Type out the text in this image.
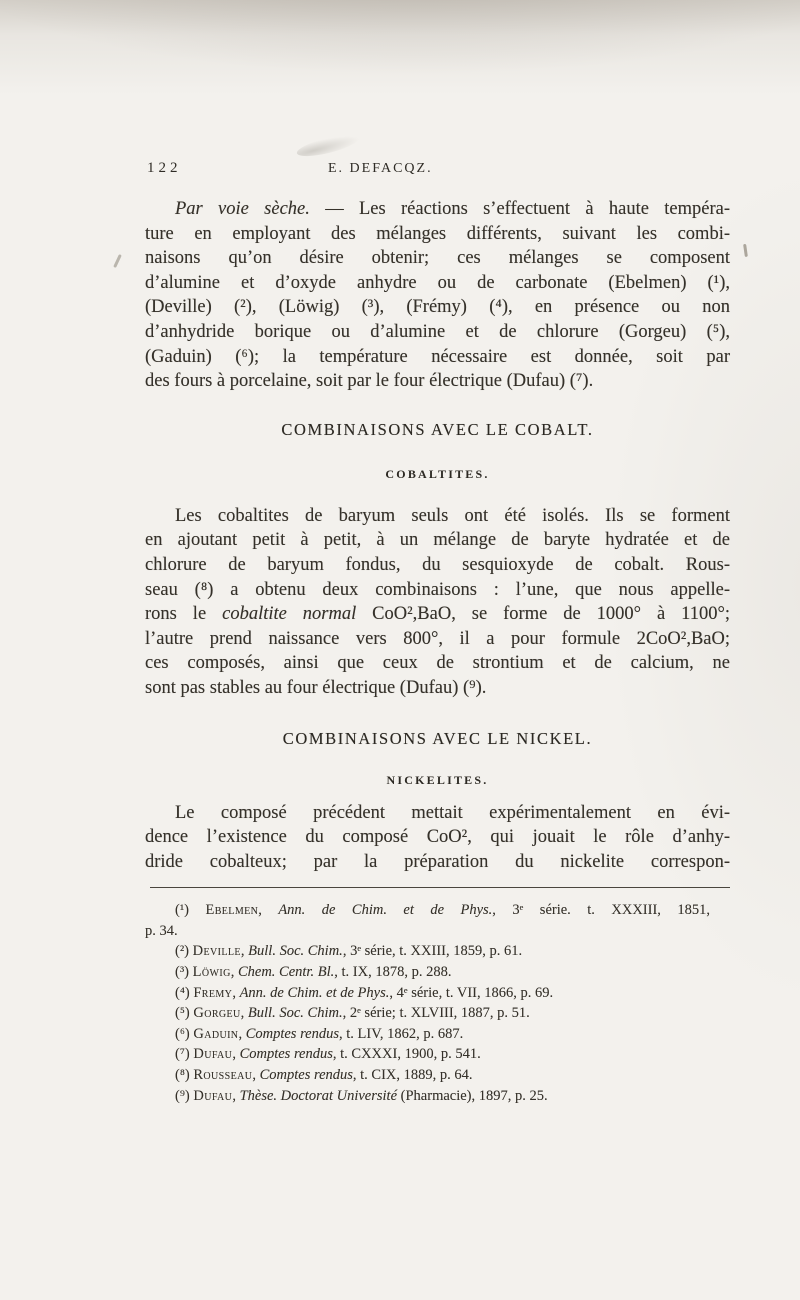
122	E. DEFACQZ.
Par voie sèche. — Les réactions s’effectuent à haute tempéra-
ture en employant des mélanges différents, suivant les combi-
naisons qu’on désire obtenir; ces mélanges se composent
d’alumine et d’oxyde anhydre ou de carbonate (Ebelmen) (¹),
(Deville) (²), (Löwig) (³), (Frémy) (⁴), en présence ou non
d’anhydride borique ou d’alumine et de chlorure (Gorgeu) (⁵),
(Gaduin) (⁶); la température nécessaire est donnée, soit par
des fours à porcelaine, soit par le four électrique (Dufau) (⁷).
COMBINAISONS AVEC LE COBALT.
COBALTITES.
Les cobaltites de baryum seuls ont été isolés. Ils se forment
en ajoutant petit à petit, à un mélange de baryte hydratée et de
chlorure de baryum fondus, du sesquioxyde de cobalt. Rous-
seau (⁸) a obtenu deux combinaisons : l’une, que nous appelle-
rons le cobaltite normal CoO²,BaO, se forme de 1000° à 1100°;
l’autre prend naissance vers 800°, il a pour formule 2CoO²,BaO;
ces composés, ainsi que ceux de strontium et de calcium, ne
sont pas stables au four électrique (Dufau) (⁹).
COMBINAISONS AVEC LE NICKEL.
NICKELITES.
Le composé précédent mettait expérimentalement en évi-
dence l’existence du composé CoO², qui jouait le rôle d’anhy-
dride cobalteux; par la préparation du nickelite correspon-
(¹) Ebelmen, Ann. de Chim. et de Phys., 3ᵉ série. t. XXXIII, 1851,
p. 34.
(²) Deville, Bull. Soc. Chim., 3ᵉ série, t. XXIII, 1859, p. 61.
(³) Löwig, Chem. Centr. Bl., t. IX, 1878, p. 288.
(⁴) Fremy, Ann. de Chim. et de Phys., 4ᵉ série, t. VII, 1866, p. 69.
(⁵) Gorgeu, Bull. Soc. Chim., 2ᵉ série; t. XLVIII, 1887, p. 51.
(⁶) Gaduin, Comptes rendus, t. LIV, 1862, p. 687.
(⁷) Dufau, Comptes rendus, t. CXXXI, 1900, p. 541.
(⁸) Rousseau, Comptes rendus, t. CIX, 1889, p. 64.
(⁹) Dufau, Thèse. Doctorat Université (Pharmacie), 1897, p. 25.
